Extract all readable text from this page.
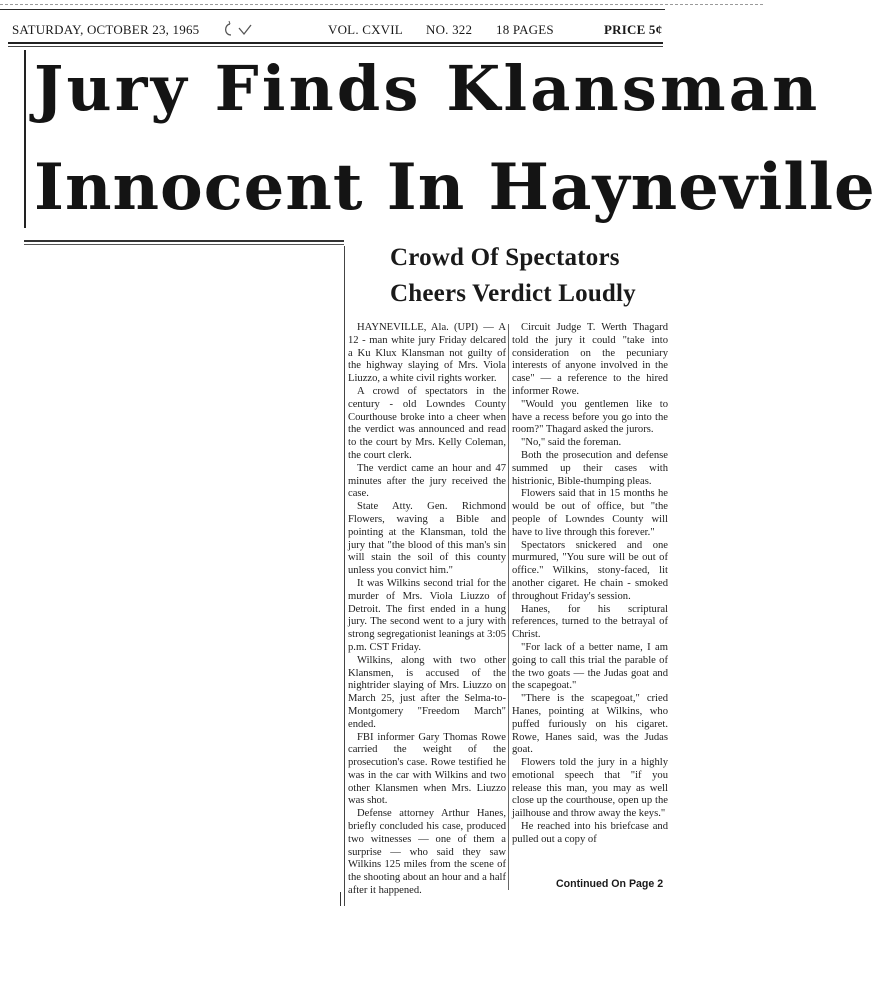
SATURDAY, OCTOBER 23, 1965	VOL. CXVIL NO. 322 18 PAGES	PRICE 5¢
Jury Finds Klansman
Innocent In Hayneville
Crowd Of Spectators
Cheers Verdict Loudly

HAYNEVILLE, Ala. (UPI) — A 12 - man white jury Friday delcared a Ku Klux Klansman not guilty of the highway slaying of Mrs. Viola Liuzzo, a white civil rights worker.

A crowd of spectators in the century - old Lowndes County Courthouse broke into a cheer when the verdict was announced and read to the court by Mrs. Kelly Coleman, the court clerk.

The verdict came an hour and 47 minutes after the jury received the case.

State Atty. Gen. Richmond Flowers, waving a Bible and pointing at the Klansman, told the jury that "the blood of this man's sin will stain the soil of this county unless you convict him."

It was Wilkins second trial for the murder of Mrs. Viola Liuzzo of Detroit. The first ended in a hung jury. The second went to a jury with strong segregationist leanings at 3:05 p.m. CST Friday.

Wilkins, along with two other Klansmen, is accused of the nightrider slaying of Mrs. Liuzzo on March 25, just after the Selma-to-Montgomery "Freedom March" ended.

FBI informer Gary Thomas Rowe carried the weight of the prosecution's case. Rowe testified he was in the car with Wilkins and two other Klansmen when Mrs. Liuzzo was shot.

Defense attorney Arthur Hanes, briefly concluded his case, produced two witnesses — one of them a surprise — who said they saw Wilkins 125 miles from the scene of the shooting about an hour and a half after it happened.

Circuit Judge T. Werth Thagard told the jury it could "take into consideration on the pecuniary interests of anyone involved in the case" — a reference to the hired informer Rowe.

"Would you gentlemen like to have a recess before you go into the room?" Thagard asked the jurors.

"No," said the foreman.

Both the prosecution and defense summed up their cases with histrionic, Bible-thumping pleas.

Flowers said that in 15 months he would be out of office, but "the people of Lowndes County will have to live through this forever."

Spectators snickered and one murmured, "You sure will be out of office." Wilkins, stony-faced, lit another cigaret. He chain - smoked throughout Friday's session.

Hanes, for his scriptural references, turned to the betrayal of Christ.

"For lack of a better name, I am going to call this trial the parable of the two goats — the Judas goat and the scapegoat."

"There is the scapegoat," cried Hanes, pointing at Wilkins, who puffed furiously on his cigaret. Rowe, Hanes said, was the Judas goat.

Flowers told the jury in a highly emotional speech that "if you release this man, you may as well close up the courthouse, open up the jailhouse and throw away the keys."

He reached into his briefcase and pulled out a copy of

Continued On Page 2
